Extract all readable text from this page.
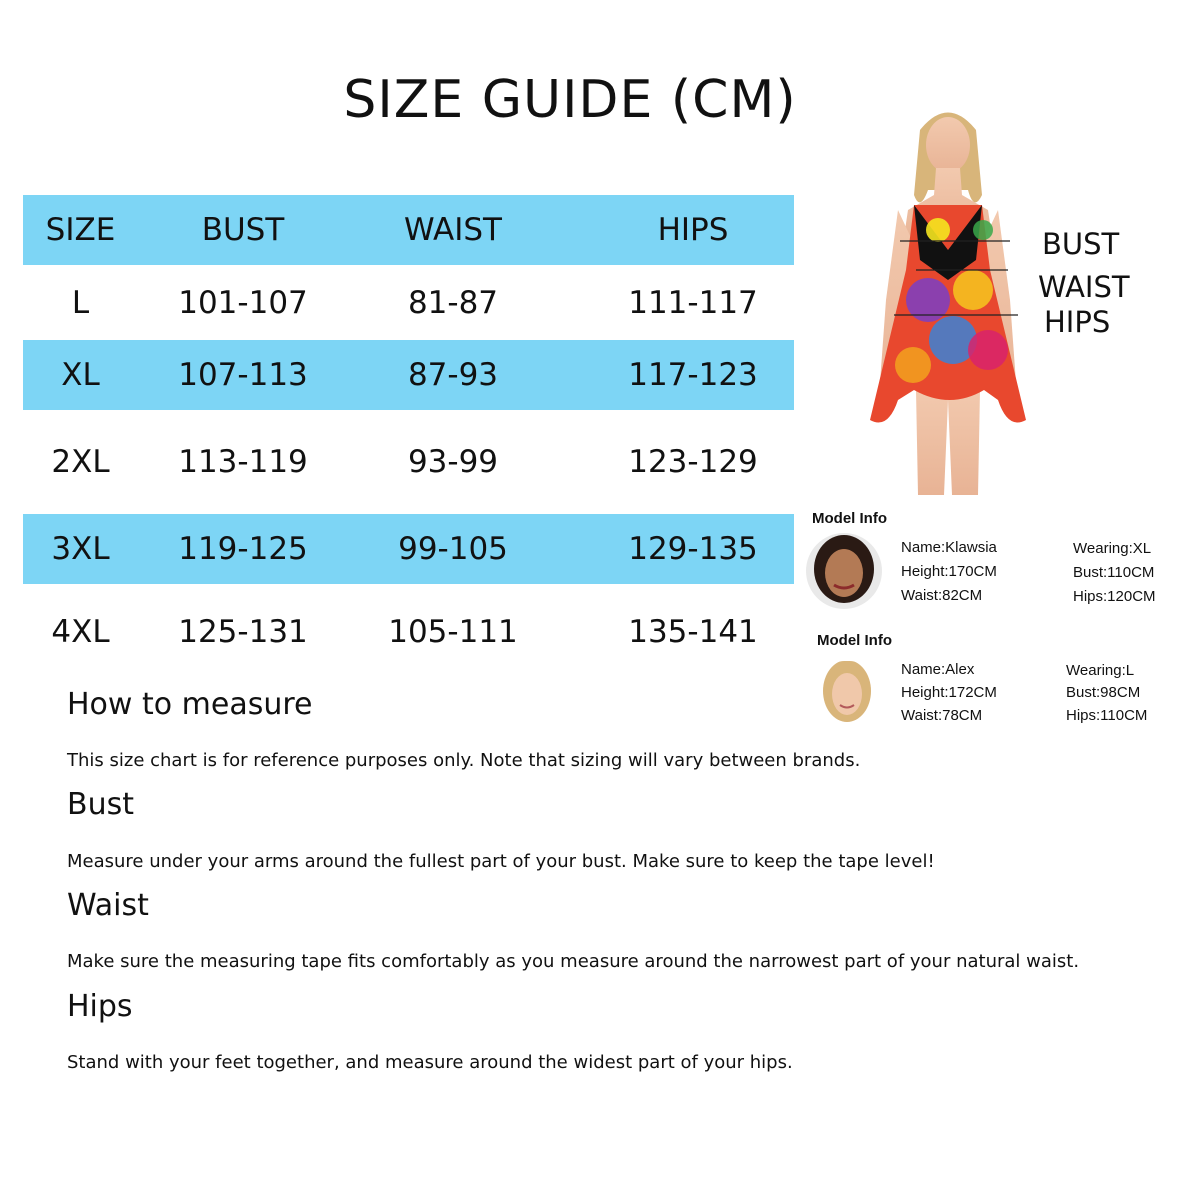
SIZE GUIDE (CM)
SIZE	BUST	WAIST	HIPS
L	101-107	81-87	111-117
XL	107-113	87-93	117-123
2XL	113-119	93-99	123-129
3XL	119-125	99-105	129-135
4XL	125-131	105-111	135-141
BUST
WAIST
HIPS
Model Info
Name:Klawsia
Height:170CM
Waist:82CM
Wearing:XL
Bust:110CM
Hips:120CM
Model Info
Name:Alex
Height:172CM
Waist:78CM
Wearing:L
Bust:98CM
Hips:110CM
How to measure
This size chart is for reference purposes only. Note that sizing will vary between brands.
Bust
Measure under your arms around the fullest part of your bust. Make sure to keep the tape level!
Waist
Make sure the measuring tape fits comfortably as you measure around the narrowest part of your natural waist.
Hips
Stand with your feet together, and measure around the widest part of your hips.
